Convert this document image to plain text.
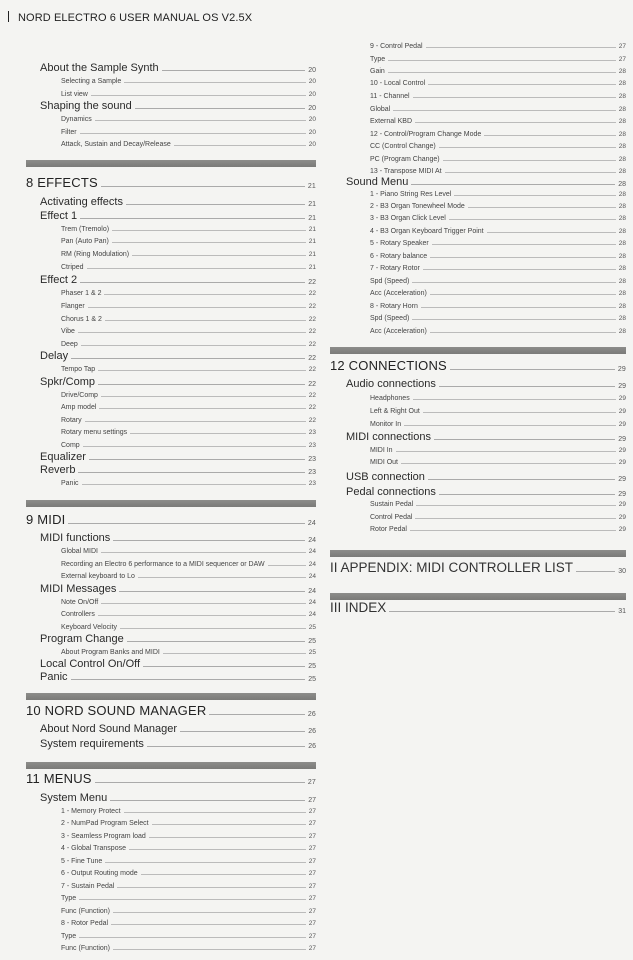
NORD ELECTRO 6 USER MANUAL OS V2.5X
About the Sample Synth	20
Selecting a Sample	20
List view	20
Shaping the sound	20
Dynamics	20
Filter	20
Attack, Sustain and Decay/Release	20
8 EFFECTS	21
Activating effects	21
Effect 1	21
Trem (Tremolo)	21
Pan (Auto Pan)	21
RM (Ring Modulation)	21
Ctriped	21
Effect 2	22
Phaser 1 & 2	22
Flanger	22
Chorus 1 & 2	22
Vibe	22
Deep	22
Delay	22
Tempo Tap	22
Spkr/Comp	22
Drive/Comp	22
Amp model	22
Rotary	22
Rotary menu settings	23
Comp	23
Equalizer	23
Reverb	23
Panic	23
9 MIDI	24
MIDI functions	24
Global MIDI	24
Recording an Electro 6 performance to a MIDI sequencer or DAW	24
External keyboard to Lo	24
MIDI Messages	24
Note On/Off	24
Controllers	24
Keyboard Velocity	25
Program Change	25
About Program Banks and MIDI	25
Local Control On/Off	25
Panic	25
10 NORD SOUND MANAGER	26
About Nord Sound Manager	26
System requirements	26
11 MENUS	27
System Menu	27
1 - Memory Protect	27
2 - NumPad Program Select	27
3 - Seamless Program load	27
4 - Global Transpose	27
5 - Fine Tune	27
6 - Output Routing mode	27
7 - Sustain Pedal	27
Type	27
Func (Function)	27
8 - Rotor Pedal	27
Type	27
Func (Function)	27
9 - Control Pedal	27
Type	27
Gain	28
10 - Local Control	28
11 - Channel	28
Global	28
External KBD	28
12 - Control/Program Change Mode	28
CC (Control Change)	28
PC (Program Change)	28
13 - Transpose MIDI At	28
Sound Menu	28
1 - Piano String Res Level	28
2 - B3 Organ Tonewheel Mode	28
3 - B3 Organ Click Level	28
4 - B3 Organ Keyboard Trigger Point	28
5 - Rotary Speaker	28
6 - Rotary balance	28
7 - Rotary Rotor	28
Spd (Speed)	28
Acc (Acceleration)	28
8 - Rotary Horn	28
Spd (Speed)	28
Acc (Acceleration)	28
12 CONNECTIONS	29
Audio connections	29
Headphones	29
Left & Right Out	29
Monitor In	29
MIDI connections	29
MIDI In	29
MIDI Out	29
USB connection	29
Pedal connections	29
Sustain Pedal	29
Control Pedal	29
Rotor Pedal	29
II APPENDIX: MIDI CONTROLLER LIST	30
III INDEX	31
